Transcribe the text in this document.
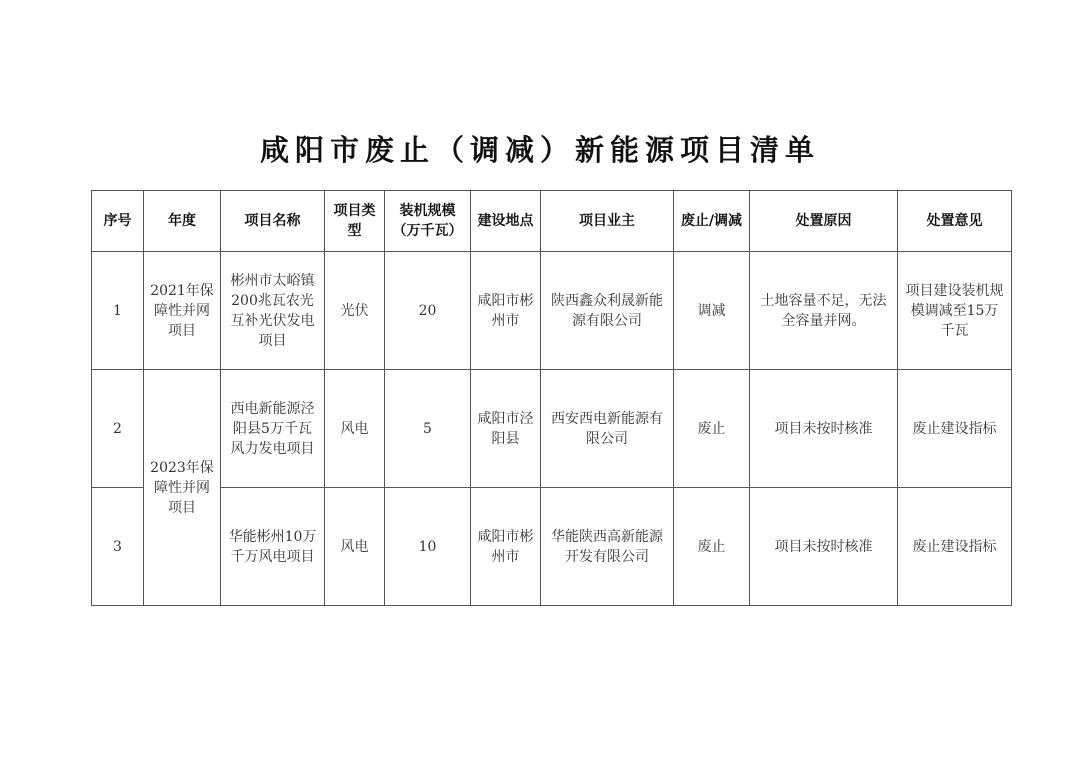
咸阳市废止（调减）新能源项目清单
序号	年度	项目名称	项目类型	装机规模（万千瓦）	建设地点	项目业主	废止/调减	处置原因	处置意见
1	2021年保障性并网项目	彬州市太峪镇200兆瓦农光互补光伏发电项目	光伏	20	咸阳市彬州市	陕西鑫众利晟新能源有限公司	调减	土地容量不足，无法全容量并网。	项目建设装机规模调减至15万千瓦
2	2023年保障性并网项目	西电新能源泾阳县5万千瓦风力发电项目	风电	5	咸阳市泾阳县	西安西电新能源有限公司	废止	项目未按时核准	废止建设指标
3		华能彬州10万千万风电项目	风电	10	咸阳市彬州市	华能陕西高新能源开发有限公司	废止	项目未按时核准	废止建设指标
